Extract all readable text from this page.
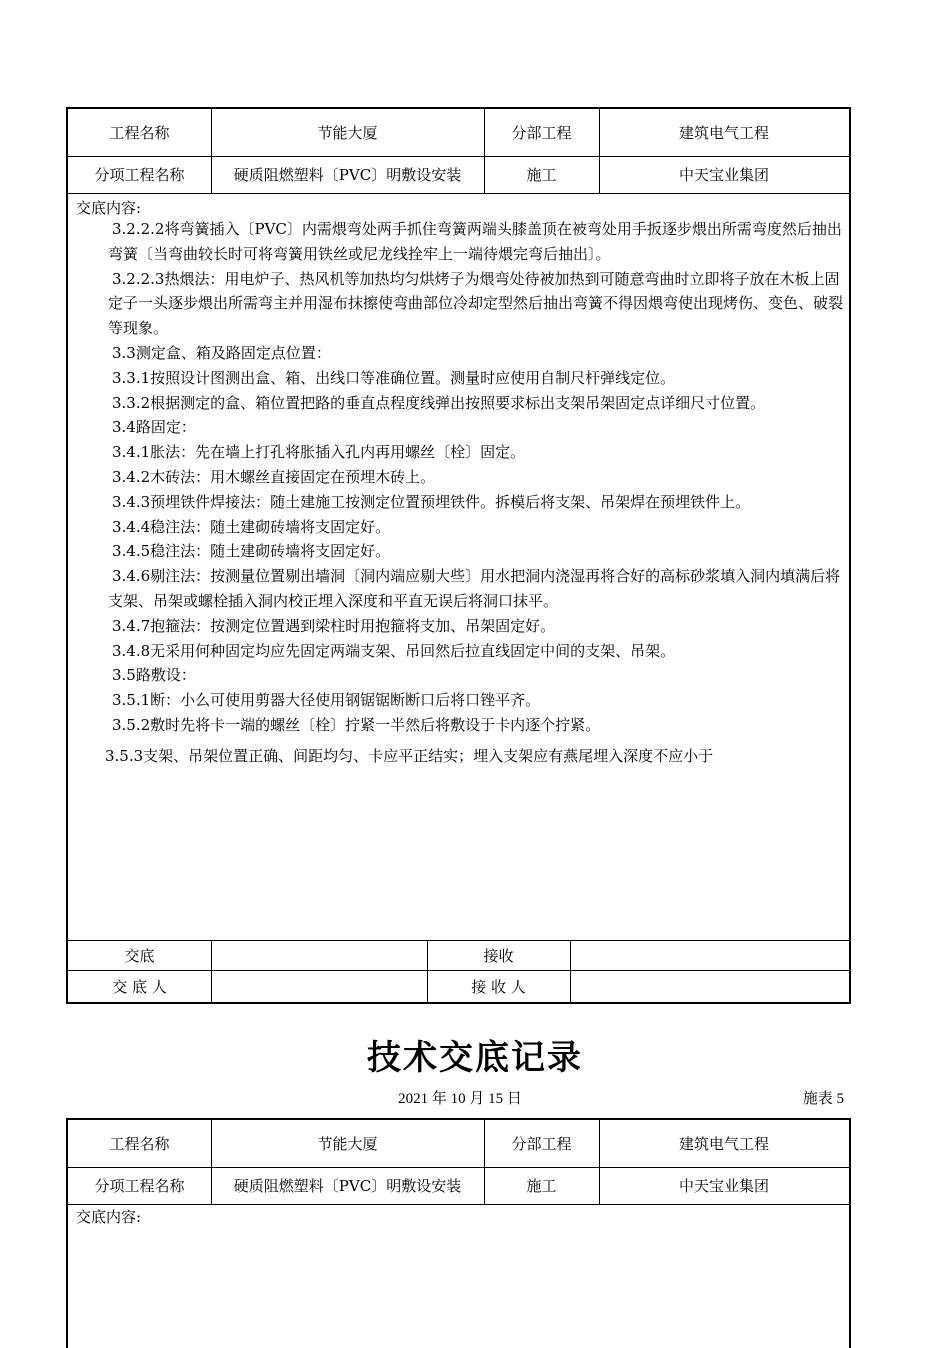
工程名称	节能大厦	分部工程	建筑电气工程
分项工程名称	硬质阻燃塑料〔PVC〕明敷设安装	施工	中天宝业集团
交底内容:

3.2.2.2将弯簧插入〔PVC〕内需煨弯处两手抓住弯簧两端头膝盖顶在被弯处用手扳逐步煨出所需弯度然后抽出弯簧〔当弯曲较长时可将弯簧用铁丝或尼龙线拴牢上一端待煨完弯后抽出〕。

3.2.2.3热煨法：用电炉子、热风机等加热均匀烘烤子为煨弯处待被加热到可随意弯曲时立即将子放在木板上固定子一头逐步煨出所需弯主并用湿布抹擦使弯曲部位冷却定型然后抽出弯簧不得因煨弯使出现烤伤、变色、破裂等现象。

3.3测定盒、箱及路固定点位置：

3.3.1按照设计图测出盒、箱、出线口等准确位置。测量时应使用自制尺杆弹线定位。

3.3.2根据测定的盒、箱位置把路的垂直点程度线弹出按照要求标出支架吊架固定点详细尺寸位置。

3.4路固定：

3.4.1胀法：先在墙上打孔将胀插入孔内再用螺丝〔栓〕固定。

3.4.2木砖法：用木螺丝直接固定在预埋木砖上。

3.4.3预埋铁件焊接法：随土建施工按测定位置预埋铁件。拆模后将支架、吊架焊在预埋铁件上。

3.4.4稳注法：随土建砌砖墙将支固定好。

3.4.5稳注法：随土建砌砖墙将支固定好。

3.4.6剔注法：按测量位置剔出墙洞〔洞内端应剔大些〕用水把洞内浇湿再将合好的高标砂浆填入洞内填满后将支架、吊架或螺栓插入洞内校正埋入深度和平直无误后将洞口抹平。

3.4.7抱箍法：按测定位置遇到梁柱时用抱箍将支加、吊架固定好。

3.4.8无采用何种固定均应先固定两端支架、吊回然后拉直线固定中间的支架、吊架。

3.5路敷设：

3.5.1断：小么可使用剪器大径使用钢锯锯断断口后将口锉平齐。

3.5.2敷时先将卡一端的螺丝〔栓〕拧紧一半然后将敷设于卡内逐个拧紧。

3.5.3支架、吊架位置正确、间距均匀、卡应平正结实；埋入支架应有燕尾埋入深度不应小于

交底	接收
交 底 人	接 收 人
技术交底记录
2021 年 10 月 15 日	施表 5
工程名称	节能大厦	分部工程	建筑电气工程
分项工程名称	硬质阻燃塑料〔PVC〕明敷设安装	施工	中天宝业集团
交底内容:
